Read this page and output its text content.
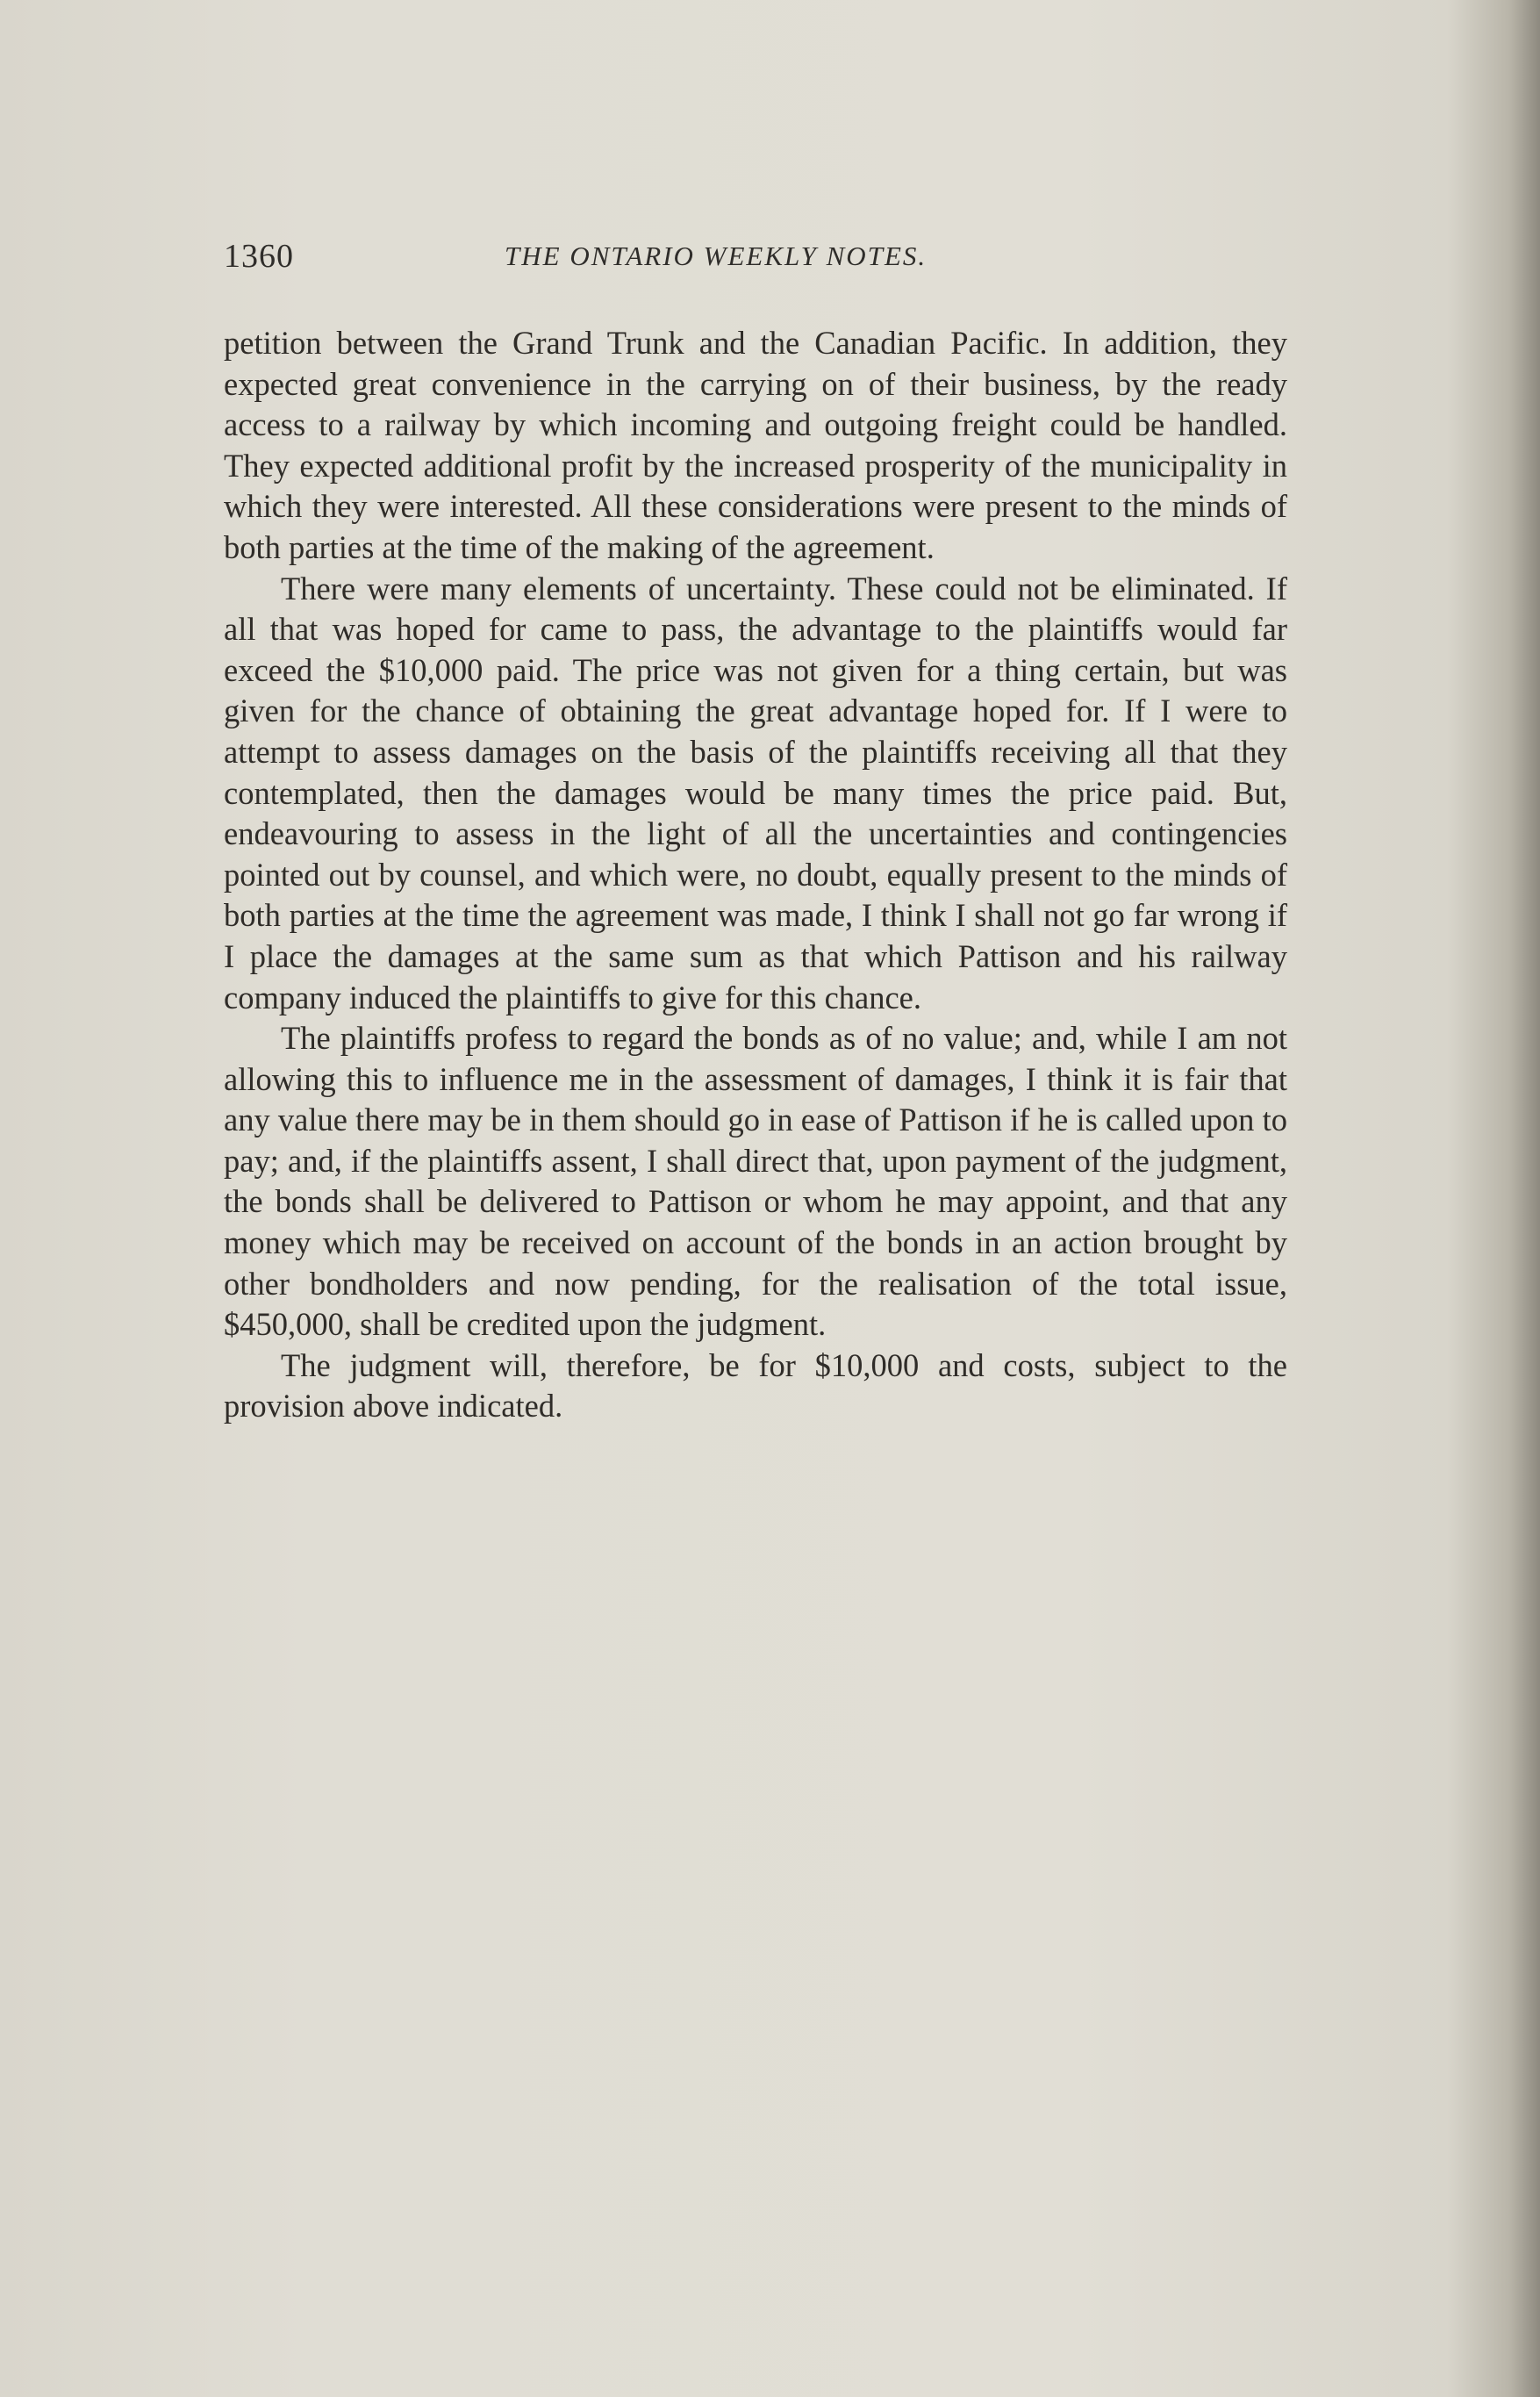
1360	THE ONTARIO WEEKLY NOTES.

petition between the Grand Trunk and the Canadian Pacific. In addition, they expected great convenience in the carrying on of their business, by the ready access to a railway by which incoming and outgoing freight could be handled. They expected additional profit by the increased prosperity of the municipality in which they were interested. All these considerations were present to the minds of both parties at the time of the making of the agreement.

There were many elements of uncertainty. These could not be eliminated. If all that was hoped for came to pass, the advantage to the plaintiffs would far exceed the $10,000 paid. The price was not given for a thing certain, but was given for the chance of obtaining the great advantage hoped for. If I were to attempt to assess damages on the basis of the plaintiffs receiving all that they contemplated, then the damages would be many times the price paid. But, endeavouring to assess in the light of all the uncertainties and contingencies pointed out by counsel, and which were, no doubt, equally present to the minds of both parties at the time the agreement was made, I think I shall not go far wrong if I place the damages at the same sum as that which Pattison and his railway company induced the plaintiffs to give for this chance.

The plaintiffs profess to regard the bonds as of no value; and, while I am not allowing this to influence me in the assessment of damages, I think it is fair that any value there may be in them should go in ease of Pattison if he is called upon to pay; and, if the plaintiffs assent, I shall direct that, upon payment of the judgment, the bonds shall be delivered to Pattison or whom he may appoint, and that any money which may be received on account of the bonds in an action brought by other bondholders and now pending, for the realisation of the total issue, $450,000, shall be credited upon the judgment.

The judgment will, therefore, be for $10,000 and costs, subject to the provision above indicated.
